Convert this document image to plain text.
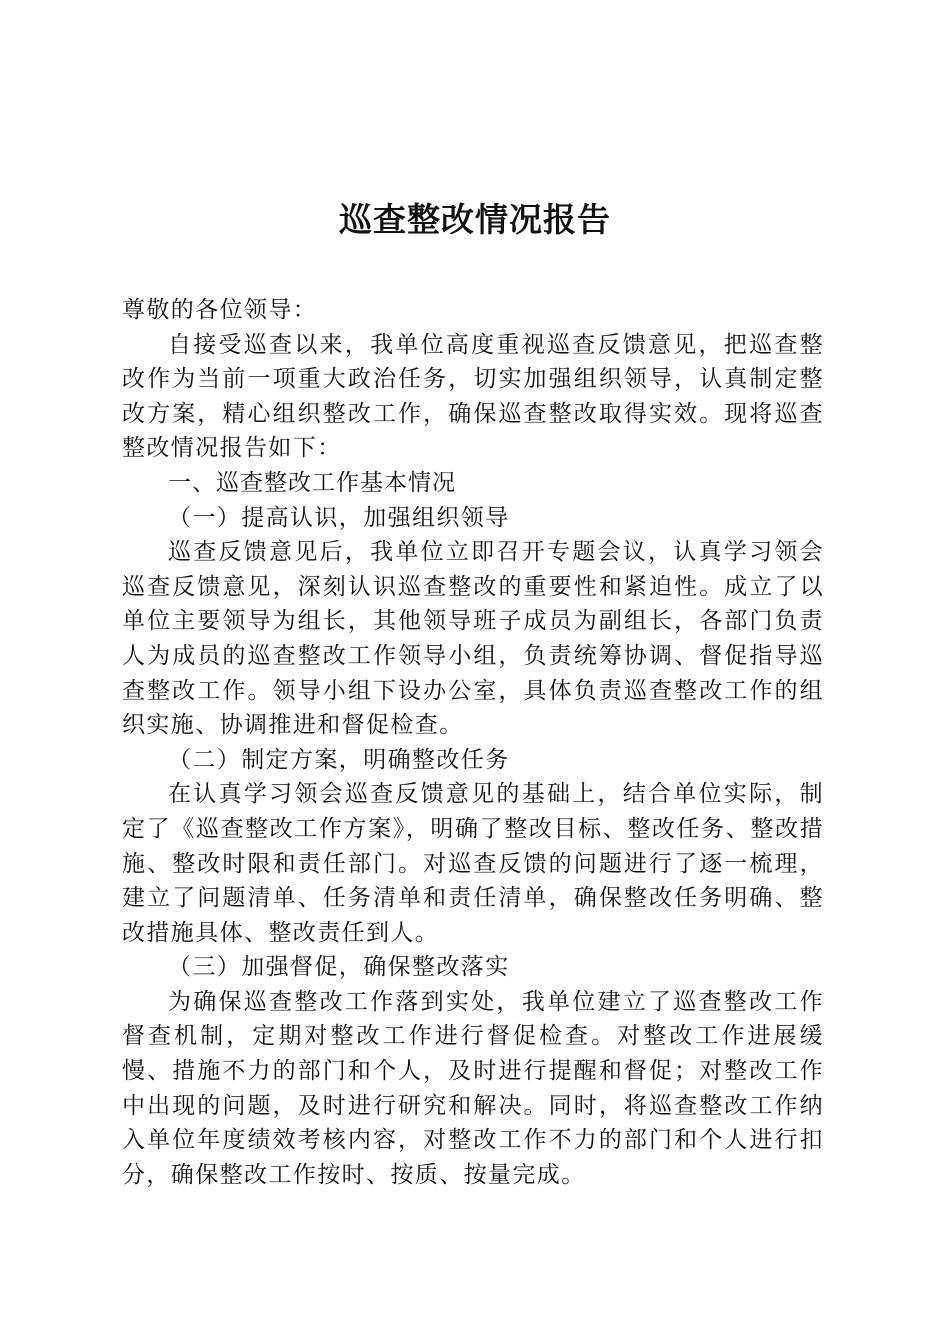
巡查整改情况报告

尊敬的各位领导：

自接受巡查以来，我单位高度重视巡查反馈意见，把巡查整改作为当前一项重大政治任务，切实加强组织领导，认真制定整改方案，精心组织整改工作，确保巡查整改取得实效。现将巡查整改情况报告如下：

一、巡查整改工作基本情况

（一）提高认识，加强组织领导

巡查反馈意见后，我单位立即召开专题会议，认真学习领会巡查反馈意见，深刻认识巡查整改的重要性和紧迫性。成立了以单位主要领导为组长，其他领导班子成员为副组长，各部门负责人为成员的巡查整改工作领导小组，负责统筹协调、督促指导巡查整改工作。领导小组下设办公室，具体负责巡查整改工作的组织实施、协调推进和督促检查。

（二）制定方案，明确整改任务

在认真学习领会巡查反馈意见的基础上，结合单位实际，制定了《巡查整改工作方案》，明确了整改目标、整改任务、整改措施、整改时限和责任部门。对巡查反馈的问题进行了逐一梳理，建立了问题清单、任务清单和责任清单，确保整改任务明确、整改措施具体、整改责任到人。

（三）加强督促，确保整改落实

为确保巡查整改工作落到实处，我单位建立了巡查整改工作督查机制，定期对整改工作进行督促检查。对整改工作进展缓慢、措施不力的部门和个人，及时进行提醒和督促；对整改工作中出现的问题，及时进行研究和解决。同时，将巡查整改工作纳入单位年度绩效考核内容，对整改工作不力的部门和个人进行扣分，确保整改工作按时、按质、按量完成。
